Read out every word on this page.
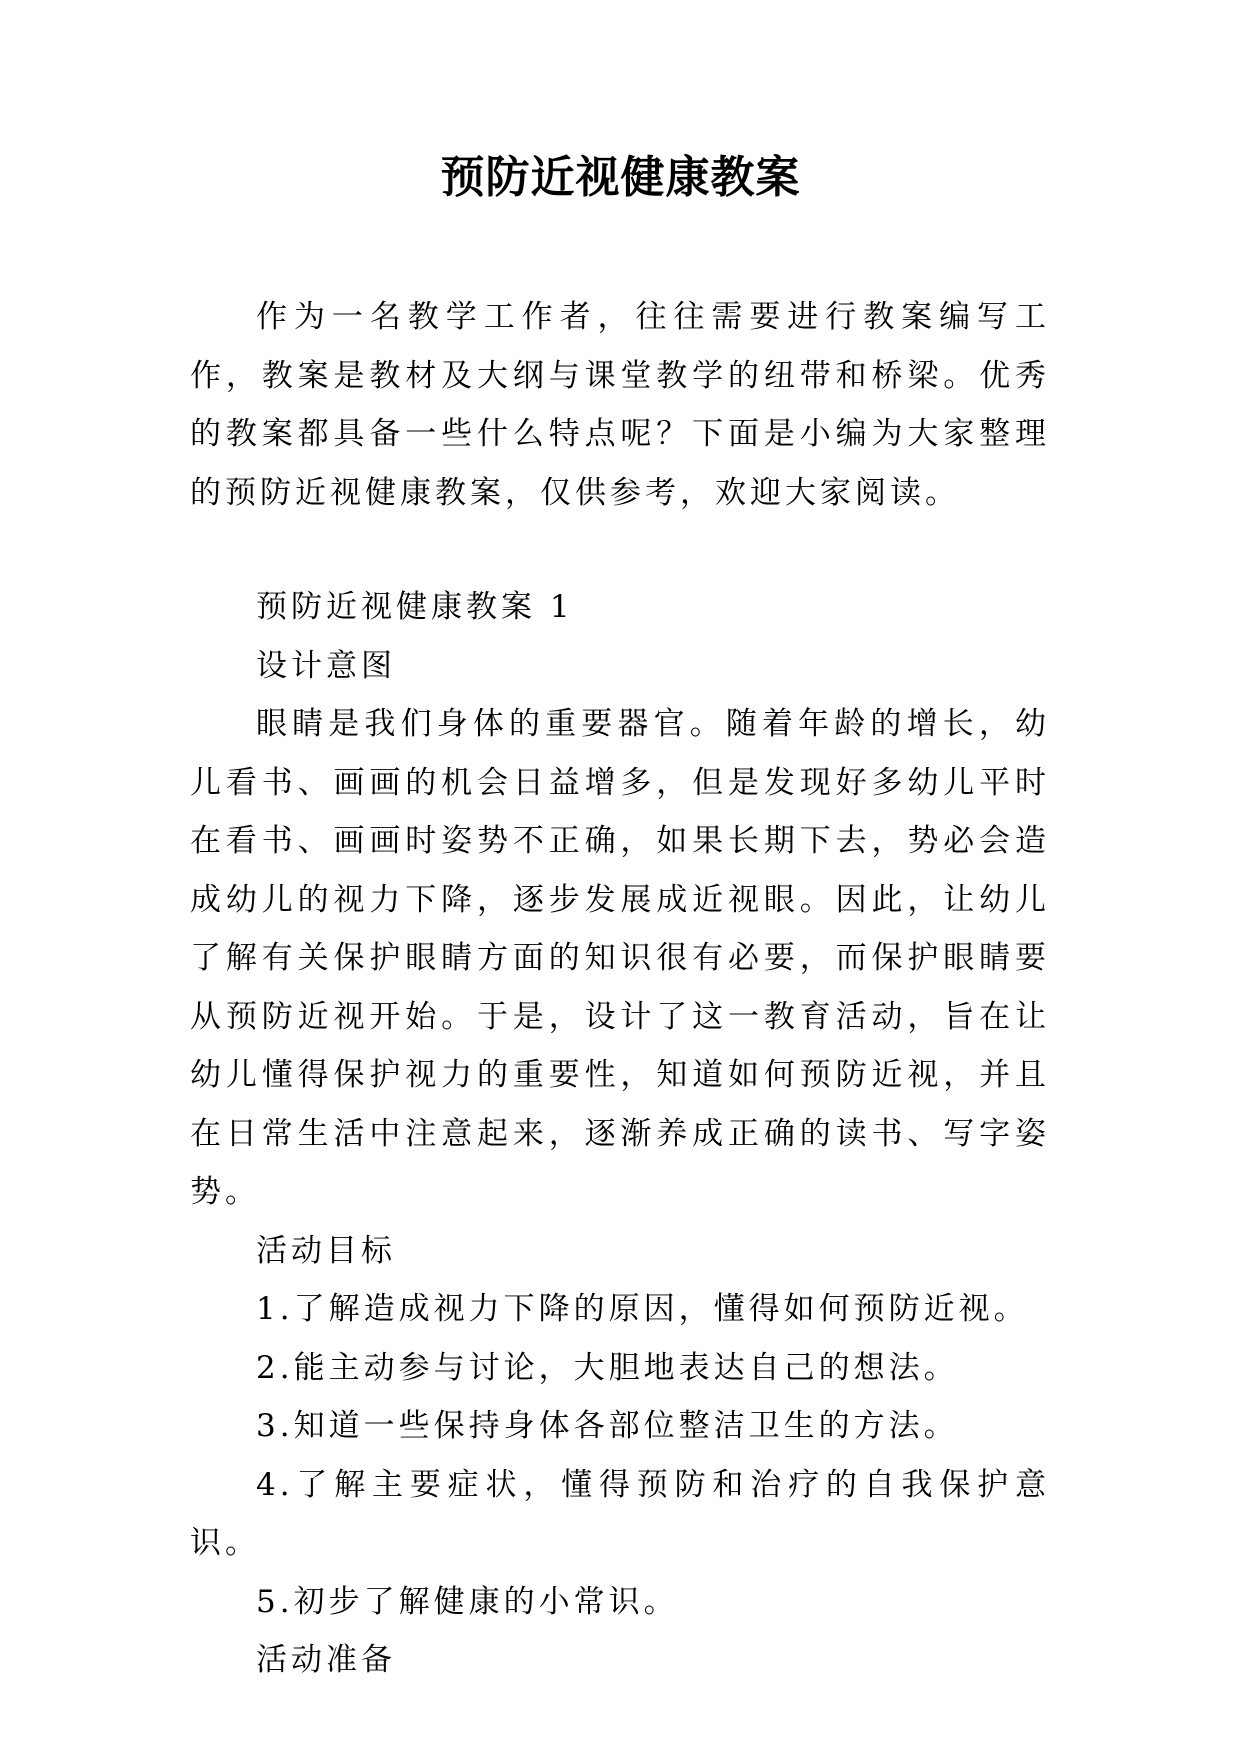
预防近视健康教案

作为一名教学工作者，往往需要进行教案编写工作，教案是教材及大纲与课堂教学的纽带和桥梁。优秀的教案都具备一些什么特点呢？下面是小编为大家整理的预防近视健康教案，仅供参考，欢迎大家阅读。

预防近视健康教案 1

设计意图

眼睛是我们身体的重要器官。随着年龄的增长，幼儿看书、画画的机会日益增多，但是发现好多幼儿平时在看书、画画时姿势不正确，如果长期下去，势必会造成幼儿的视力下降，逐步发展成近视眼。因此，让幼儿了解有关保护眼睛方面的知识很有必要，而保护眼睛要从预防近视开始。于是，设计了这一教育活动，旨在让幼儿懂得保护视力的重要性，知道如何预防近视，并且在日常生活中注意起来，逐渐养成正确的读书、写字姿势。

活动目标

1.了解造成视力下降的原因，懂得如何预防近视。

2.能主动参与讨论，大胆地表达自己的想法。

3.知道一些保持身体各部位整洁卫生的方法。

4.了解主要症状，懂得预防和治疗的自我保护意识。

5.初步了解健康的小常识。

活动准备
